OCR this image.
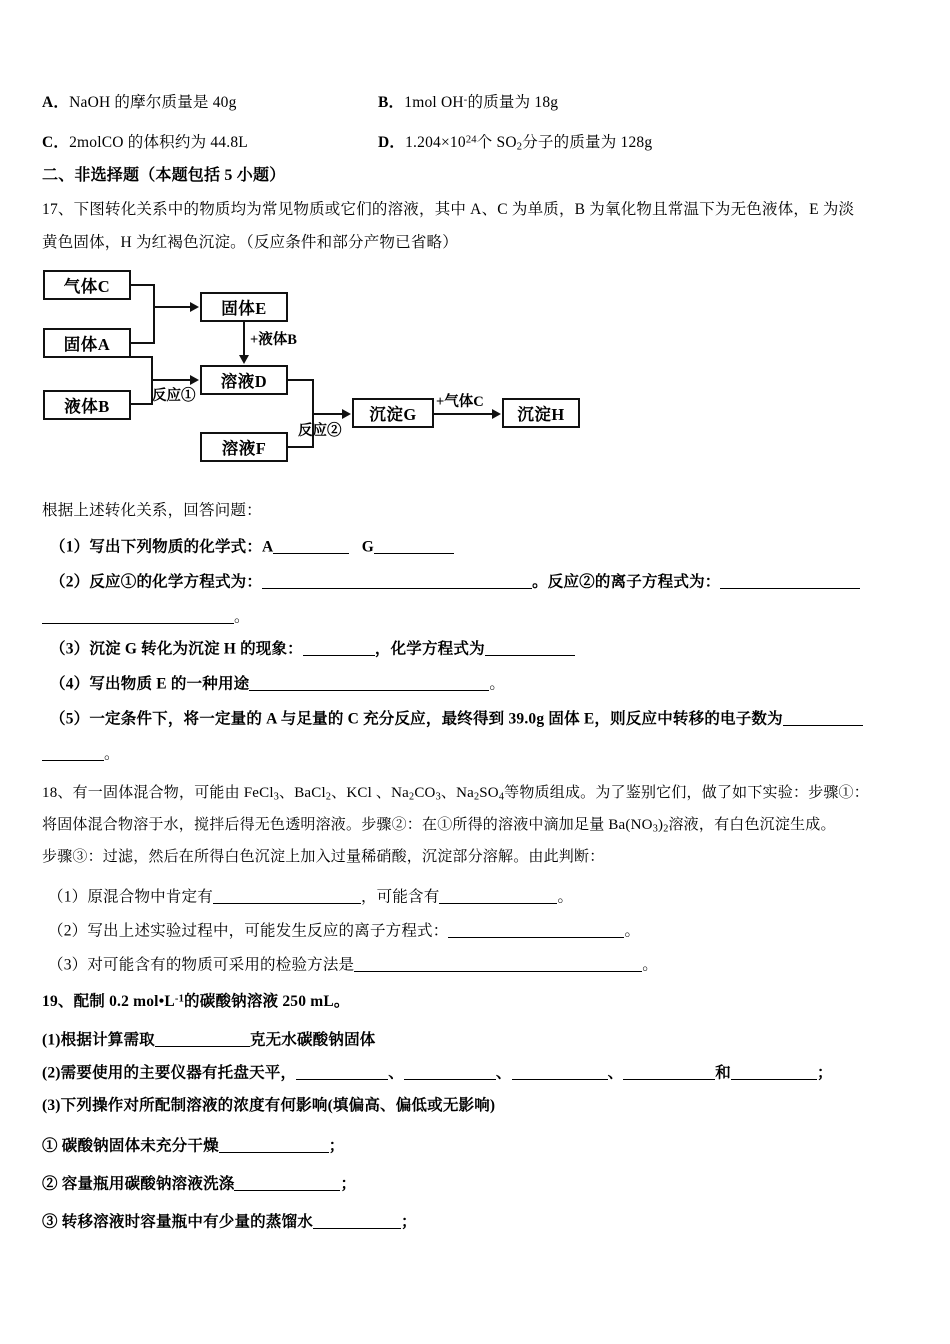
A．NaOH 的摩尔质量是 40g	B．1mol OH-的质量为 18g
C．2molCO 的体积约为 44.8L	D．$1.204\times 10^{24}$个 $SO_2$分子的质量为 128g
二、非选择题（本题包括 5 小题）
17、下图转化关系中的物质均为常见物质或它们的溶液，其中 A、C 为单质，B 为氧化物且常温下为无色液体，E 为淡
黄色固体，H 为红褐色沉淀。（反应条件和部分产物已省略）
气体C
固体A
液体B
固体E
溶液D
溶液F
沉淀G	沉淀H
+液体B
反应①
反应②
+气体C
根据上述转化关系，回答问题：
（1）写出下列物质的化学式：A	G
（2）反应①的化学方程式为：	。反应②的离子方程式为：
。
（3）沉淀 G 转化为沉淀 H 的现象：	，化学方程式为
（4）写出物质 E 的一种用途	。
（5）一定条件下，将一定量的 A 与足量的 C 充分反应，最终得到 39.0g 固体 E，则反应中转移的电子数为
。
18、有一固体混合物，可能由 FeCl$_3$、BaCl$_2$、KCl 、$Na_2CO_3$、$Na_2SO_4$等物质组成。为了鉴别它们，做了如下实验：步骤①：
将固体混合物溶于水，搅拌后得无色透明溶液。步骤②：在①所得的溶液中滴加足量 $Ba(NO_3)_2$溶液，有白色沉淀生成。
步骤③：过滤，然后在所得白色沉淀上加入过量稀硝酸，沉淀部分溶解。由此判断：
（1）原混合物中肯定有	，可能含有	。
（2）写出上述实验过程中，可能发生反应的离子方程式：	。
（3）对可能含有的物质可采用的检验方法是	。
19、配制 0.2 $mol•L^{-1}$的碳酸钠溶液 250 mL。
(1)根据计算需取	克无水碳酸钠固体
(2)需要使用的主要仪器有托盘天平，	、	、	、	和	；
(3)下列操作对所配制溶液的浓度有何影响(填偏高、偏低或无影响)
① 碳酸钠固体未充分干燥	；
② 容量瓶用碳酸钠溶液洗涤	；
③ 转移溶液时容量瓶中有少量的蒸馏水	；
